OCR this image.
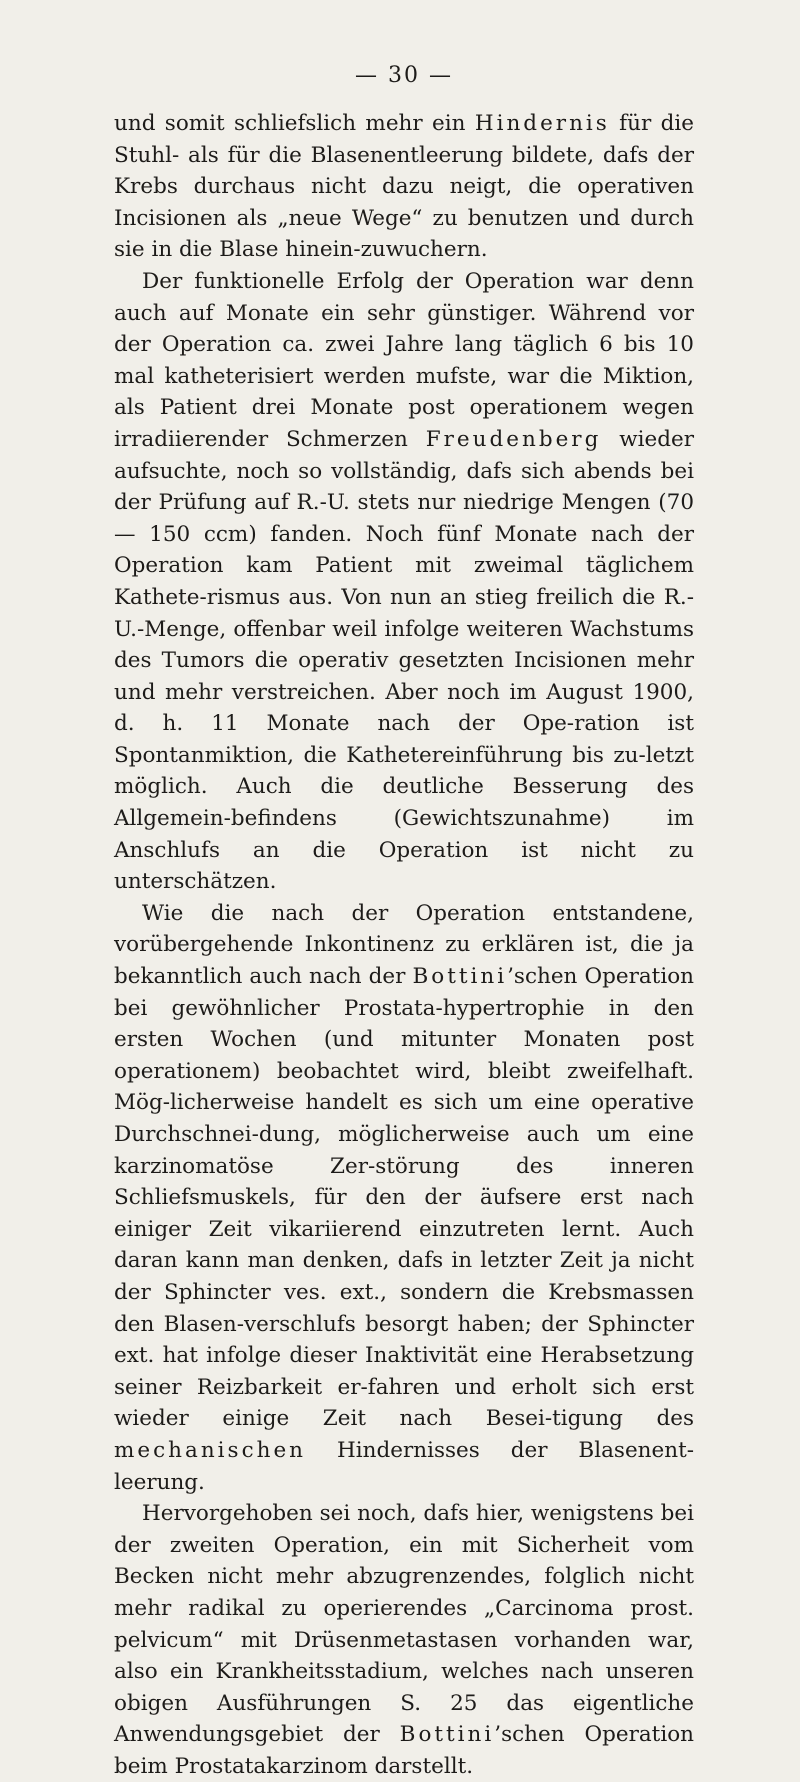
— 30 —

und somit schliefslich mehr ein Hindernis für die Stuhl- als für die Blasenentleerung bildete, dafs der Krebs durchaus nicht dazu neigt, die operativen Incisionen als „neue Wege“ zu benutzen und durch sie in die Blase hinein-zuwuchern.

Der funktionelle Erfolg der Operation war denn auch auf Monate ein sehr günstiger. Während vor der Operation ca. zwei Jahre lang täglich 6 bis 10 mal katheterisiert werden mufste, war die Miktion, als Patient drei Monate post operationem wegen irradiierender Schmerzen Freudenberg wieder aufsuchte, noch so vollständig, dafs sich abends bei der Prüfung auf R.-U. stets nur niedrige Mengen (70 — 150 ccm) fanden. Noch fünf Monate nach der Operation kam Patient mit zweimal täglichem Kathete-rismus aus. Von nun an stieg freilich die R.-U.-Menge, offenbar weil infolge weiteren Wachstums des Tumors die operativ gesetzten Incisionen mehr und mehr verstreichen. Aber noch im August 1900, d. h. 11 Monate nach der Ope-ration ist Spontanmiktion, die Kathetereinführung bis zu-letzt möglich. Auch die deutliche Besserung des Allgemein-befindens (Gewichtszunahme) im Anschlufs an die Operation ist nicht zu unterschätzen.

Wie die nach der Operation entstandene, vorübergehende Inkontinenz zu erklären ist, die ja bekanntlich auch nach der Bottini’schen Operation bei gewöhnlicher Prostata-hypertrophie in den ersten Wochen (und mitunter Monaten post operationem) beobachtet wird, bleibt zweifelhaft. Mög-licherweise handelt es sich um eine operative Durchschnei-dung, möglicherweise auch um eine karzinomatöse Zer-störung des inneren Schliefsmuskels, für den der äufsere erst nach einiger Zeit vikariierend einzutreten lernt. Auch daran kann man denken, dafs in letzter Zeit ja nicht der Sphincter ves. ext., sondern die Krebsmassen den Blasen-verschlufs besorgt haben; der Sphincter ext. hat infolge dieser Inaktivität eine Herabsetzung seiner Reizbarkeit er-fahren und erholt sich erst wieder einige Zeit nach Besei-tigung des mechanischen Hindernisses der Blasenent-leerung.

Hervorgehoben sei noch, dafs hier, wenigstens bei der zweiten Operation, ein mit Sicherheit vom Becken nicht mehr abzugrenzendes, folglich nicht mehr radikal zu operierendes „Carcinoma prost. pelvicum“ mit Drüsenmetastasen vorhanden war, also ein Krankheitsstadium, welches nach unseren obigen Ausführungen S. 25 das eigentliche Anwendungsgebiet der Bottini’schen Operation beim Prostatakarzinom darstellt.
